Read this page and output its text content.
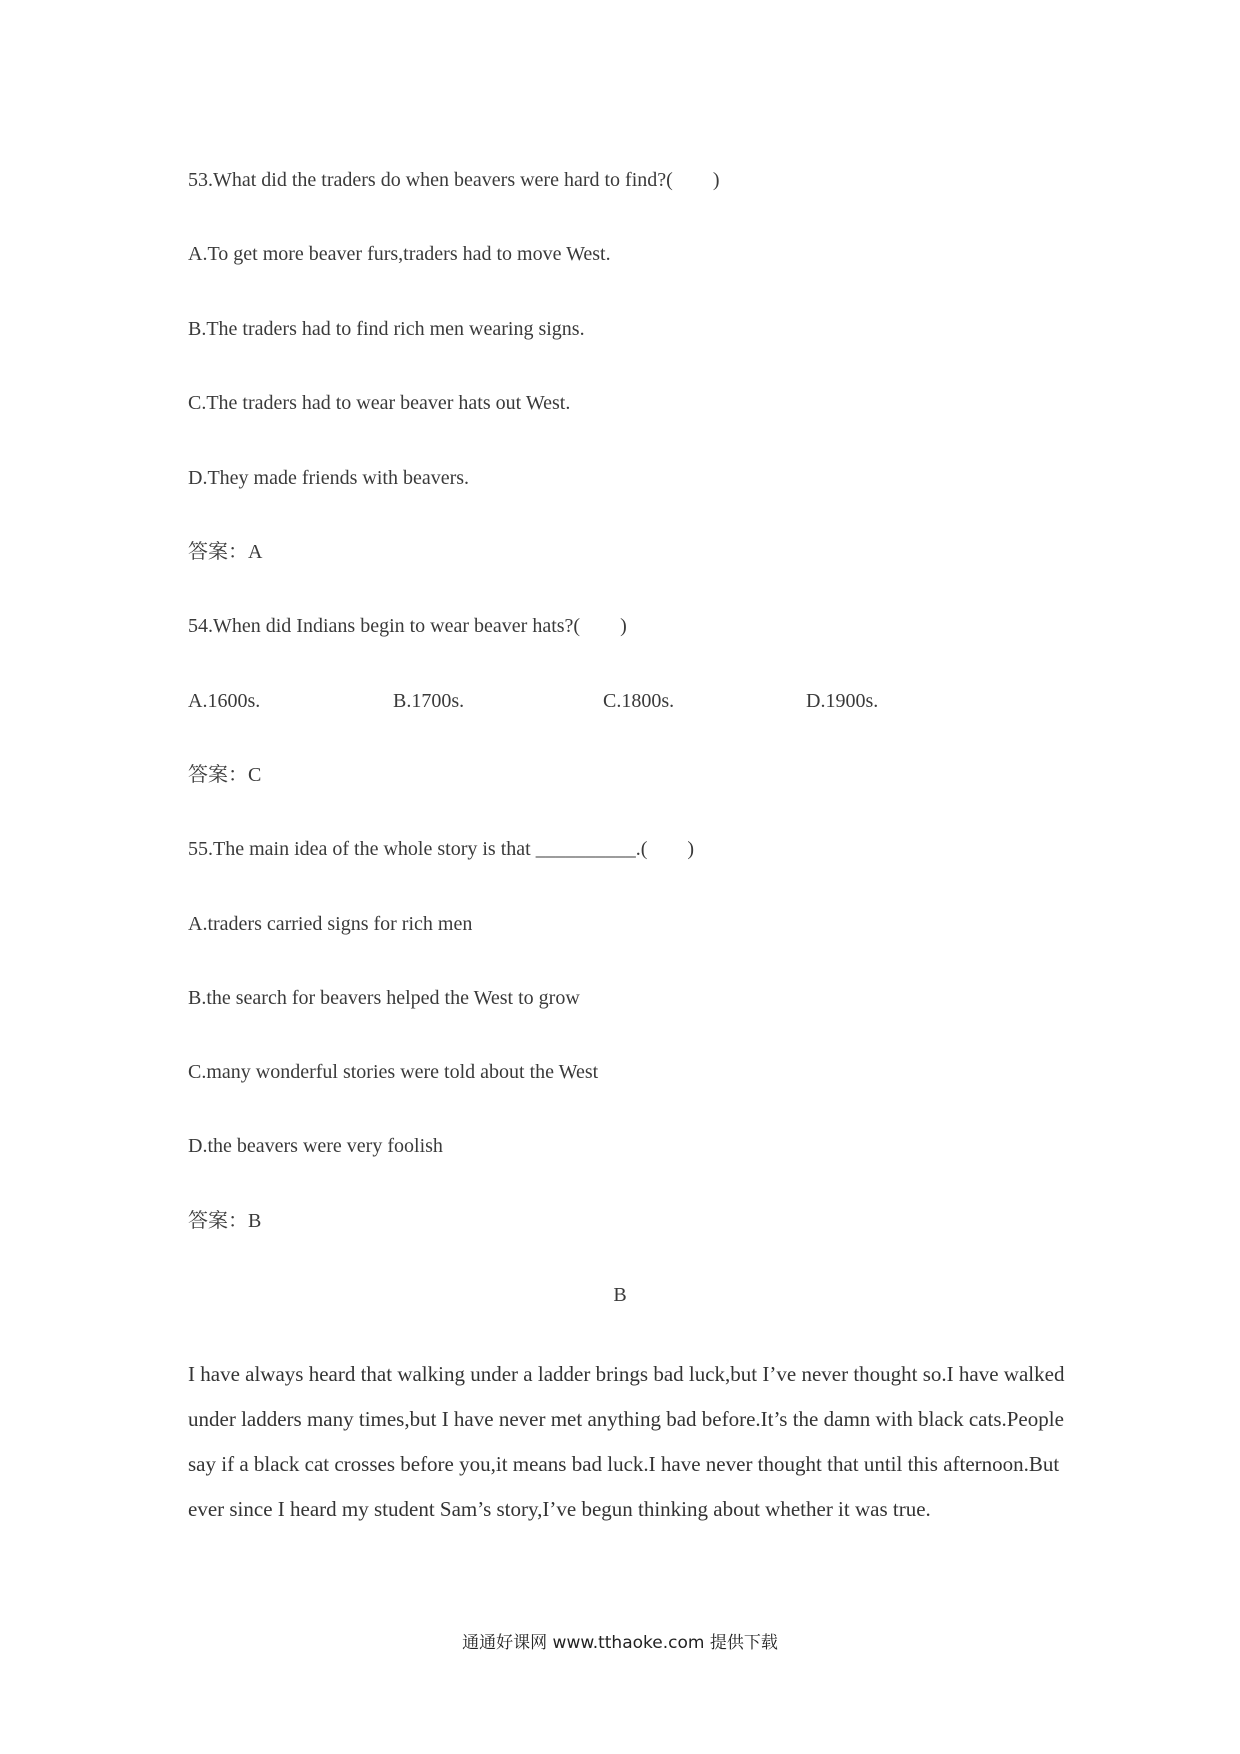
53.What did the traders do when beavers were hard to find?(　　)
A.To get more beaver furs,traders had to move West.
B.The traders had to find rich men wearing signs.
C.The traders had to wear beaver hats out West.
D.They made friends with beavers.
答案：A
54.When did Indians begin to wear beaver hats?(　　)

A.1600s.

	B.1700s.

	C.1800s.

	D.1900s.

答案：C
55.The main idea of the whole story is that __________.(　　)
A.traders carried signs for rich men
B.the search for beavers helped the West to grow
C.many wonderful stories were told about the West
D.the beavers were very foolish
答案：B
B

I have always heard that walking under a ladder brings bad luck,but I’ve never thought so.I have walked under ladders many times,but I have never met anything bad before.It’s the damn with black cats.People say if a black cat crosses before you,it means bad luck.I have never thought that until this afternoon.But ever since I heard my student Sam’s story,I’ve begun thinking about whether it was true.

通通好课网 www.tthaoke.com 提供下载
